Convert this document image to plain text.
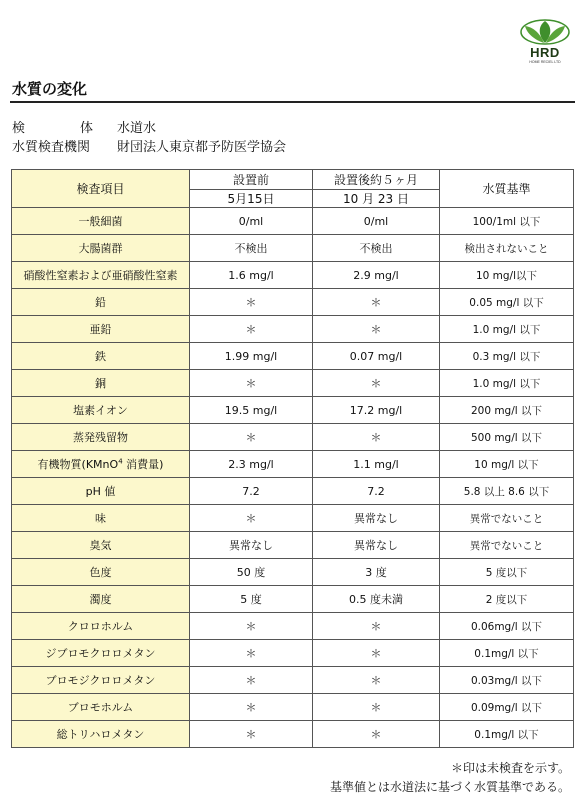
HRD
HOME RECIEL LTD
水質の変化
検	体 水道水
水質検査機関 財団法人東京都予防医学協会
検査項目	設置前	設置後約５ヶ月	水質基準
	5月15日	10 月 23 日	
一般細菌	0/ml	0/ml	100/1ml 以下
大腸菌群	不検出	不検出	検出されないこと
硝酸性窒素および亜硝酸性窒素	1.6 mg/l	2.9 mg/l	10 mg/l以下
鉛	＊	＊	0.05 mg/l 以下
亜鉛	＊	＊	1.0 mg/l 以下
鉄	1.99 mg/l	0.07 mg/l	0.3 mg/l 以下
銅	＊	＊	1.0 mg/l 以下
塩素イオン	19.5 mg/l	17.2 mg/l	200 mg/l 以下
蒸発残留物	＊	＊	500 mg/l 以下
有機物質(KMnO$^4$ 消費量)	2.3 mg/l	1.1 mg/l	10 mg/l 以下
pH 値	7.2	7.2	5.8 以上 8.6 以下
味	＊	異常なし	異常でないこと
臭気	異常なし	異常なし	異常でないこと
色度	50 度	3 度	5 度以下
濁度	5 度	0.5 度未満	2 度以下
クロロホルム	＊	＊	0.06mg/l 以下
ジブロモクロロメタン	＊	＊	0.1mg/l 以下
ブロモジクロロメタン	＊	＊	0.03mg/l 以下
ブロモホルム	＊	＊	0.09mg/l 以下
総トリハロメタン	＊	＊	0.1mg/l 以下
＊印は未検査を示す。
基準値とは水道法に基づく水質基準である。
